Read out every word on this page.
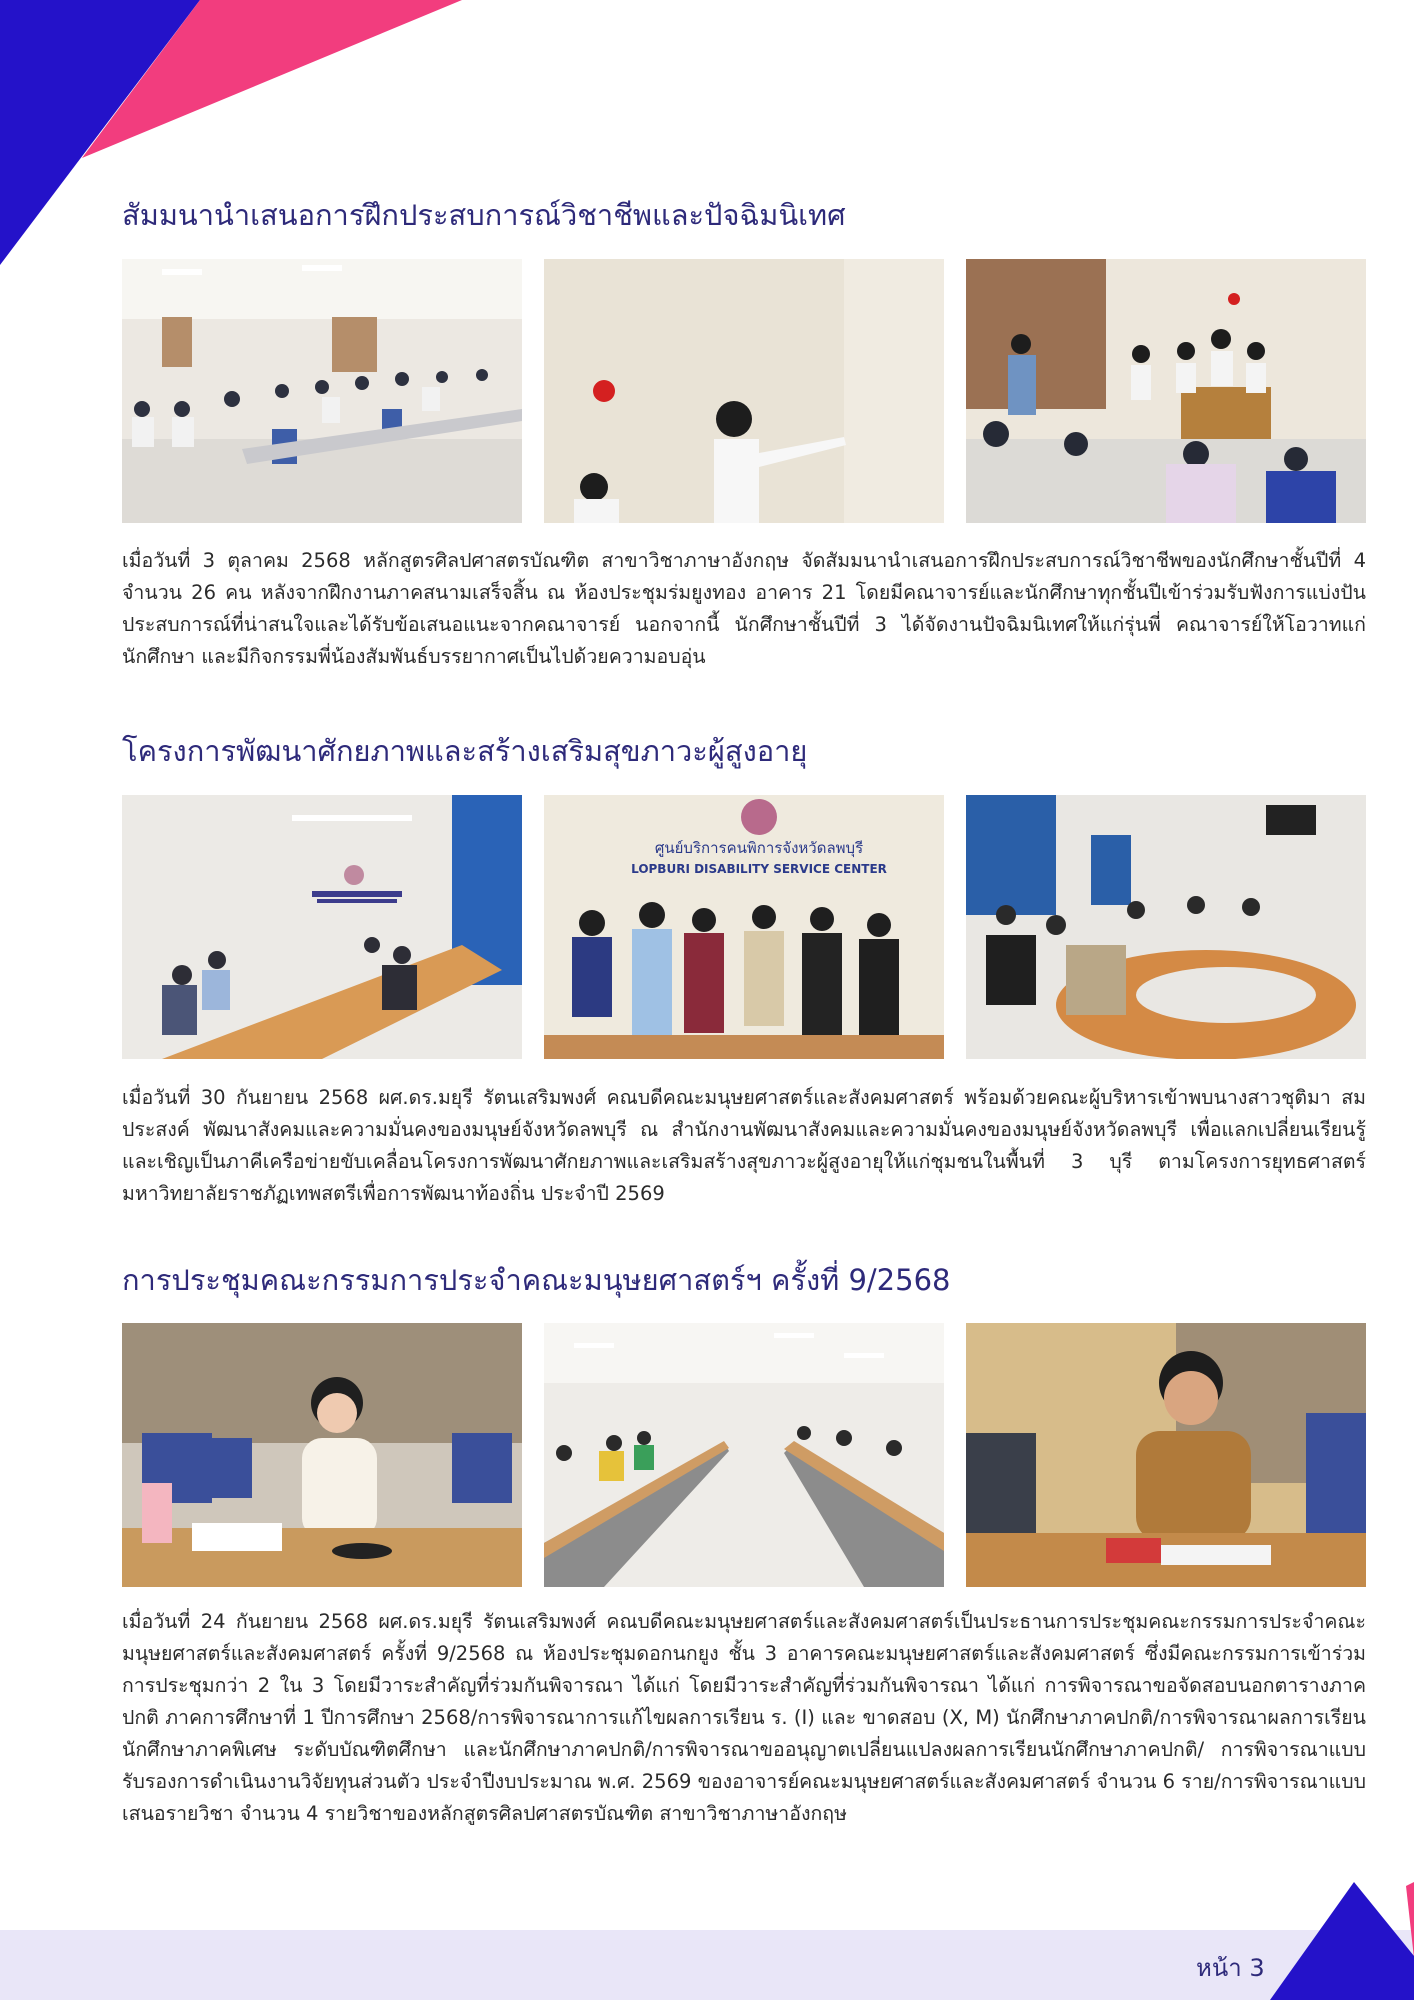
สัมมนานำเสนอการฝึกประสบการณ์วิชาชีพและปัจฉิมนิเทศ

เมื่อวันที่ 3 ตุลาคม 2568 หลักสูตรศิลปศาสตรบัณฑิต สาขาวิชาภาษาอังกฤษ จัดสัมมนานำเสนอการฝึกประสบการณ์วิชาชีพของนักศึกษาชั้นปีที่ 4 จำนวน 26 คน หลังจากฝึกงานภาคสนามเสร็จสิ้น ณ ห้องประชุมร่มยูงทอง อาคาร 21 โดยมีคณาจารย์และนักศึกษาทุกชั้นปีเข้าร่วมรับฟังการแบ่งปันประสบการณ์ที่น่าสนใจและได้รับข้อเสนอแนะจากคณาจารย์ นอกจากนี้ นักศึกษาชั้นปีที่ 3 ได้จัดงานปัจฉิมนิเทศให้แก่รุ่นพี่ คณาจารย์ให้โอวาทแก่นักศึกษา และมีกิจกรรมพี่น้องสัมพันธ์บรรยากาศเป็นไปด้วยความอบอุ่น

โครงการพัฒนาศักยภาพและสร้างเสริมสุขภาวะผู้สูงอายุ
ศูนย์บริการคนพิการจังหวัดลพบุรี
LOPBURI DISABILITY SERVICE CENTER

เมื่อวันที่ 30 กันยายน 2568 ผศ.ดร.มยุรี รัตนเสริมพงศ์ คณบดีคณะมนุษยศาสตร์และสังคมศาสตร์ พร้อมด้วยคณะผู้บริหารเข้าพบนางสาวชุติมา สมประสงค์ พัฒนาสังคมและความมั่นคงของมนุษย์จังหวัดลพบุรี ณ สำนักงานพัฒนาสังคมและความมั่นคงของมนุษย์จังหวัดลพบุรี เพื่อแลกเปลี่ยนเรียนรู้และเชิญเป็นภาคีเครือข่ายขับเคลื่อนโครงการพัฒนาศักยภาพและเสริมสร้างสุขภาวะผู้สูงอายุให้แก่ชุมชนในพื้นที่ 3 บุรี ตามโครงการยุทธศาสตร์มหาวิทยาลัยราชภัฏเทพสตรีเพื่อการพัฒนาท้องถิ่น ประจำปี 2569

การประชุมคณะกรรมการประจำคณะมนุษยศาสตร์ฯ ครั้งที่ 9/2568

เมื่อวันที่ 24 กันยายน 2568 ผศ.ดร.มยุรี รัตนเสริมพงศ์ คณบดีคณะมนุษยศาสตร์และสังคมศาสตร์เป็นประธานการประชุมคณะกรรมการประจำคณะมนุษยศาสตร์และสังคมศาสตร์ ครั้งที่ 9/2568 ณ ห้องประชุมดอกนกยูง ชั้น 3 อาคารคณะมนุษยศาสตร์และสังคมศาสตร์ ซึ่งมีคณะกรรมการเข้าร่วมการประชุมกว่า 2 ใน 3 โดยมีวาระสำคัญที่ร่วมกันพิจารณา ได้แก่ โดยมีวาระสำคัญที่ร่วมกันพิจารณา ได้แก่ การพิจารณาขอจัดสอบนอกตารางภาคปกติ ภาคการศึกษาที่ 1 ปีการศึกษา 2568/การพิจารณาการแก้ไขผลการเรียน ร. (I) และ ขาดสอบ (X, M) นักศึกษาภาคปกติ/การพิจารณาผลการเรียนนักศึกษาภาคพิเศษ ระดับบัณฑิตศึกษา และนักศึกษาภาคปกติ/การพิจารณาขออนุญาตเปลี่ยนแปลงผลการเรียนนักศึกษาภาคปกติ/ การพิจารณาแบบรับรองการดำเนินงานวิจัยทุนส่วนตัว ประจำปีงบประมาณ พ.ศ. 2569 ของอาจารย์คณะมนุษยศาสตร์และสังคมศาสตร์ จำนวน 6 ราย/การพิจารณาแบบเสนอรายวิชา จำนวน 4 รายวิชาของหลักสูตรศิลปศาสตรบัณฑิต สาขาวิชาภาษาอังกฤษ

หน้า 3
